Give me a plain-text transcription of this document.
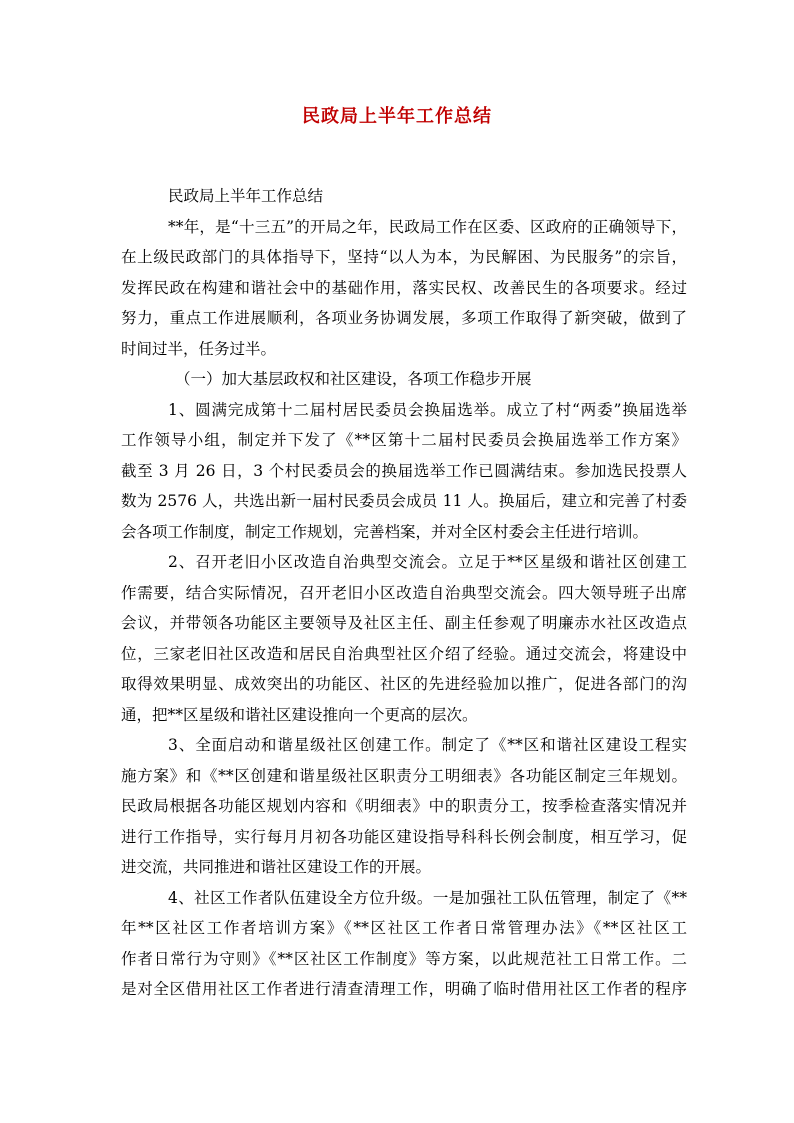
民政局上半年工作总结
民政局上半年工作总结
**年，是“十三五”的开局之年，民政局工作在区委、区政府的正确领导下，
在上级民政部门的具体指导下，坚持“以人为本，为民解困、为民服务”的宗旨，
发挥民政在构建和谐社会中的基础作用，落实民权、改善民生的各项要求。经过
努力，重点工作进展顺利，各项业务协调发展，多项工作取得了新突破，做到了
时间过半，任务过半。
（一）加大基层政权和社区建设，各项工作稳步开展
1、圆满完成第十二届村居民委员会换届选举。成立了村“两委”换届选举
工作领导小组，制定并下发了《**区第十二届村民委员会换届选举工作方案》
截至 3 月 26 日，3 个村民委员会的换届选举工作已圆满结束。参加选民投票人
数为 2576 人，共选出新一届村民委员会成员 11 人。换届后，建立和完善了村委
会各项工作制度，制定工作规划，完善档案，并对全区村委会主任进行培训。
2、召开老旧小区改造自治典型交流会。立足于**区星级和谐社区创建工
作需要，结合实际情况，召开老旧小区改造自治典型交流会。四大领导班子出席
会议，并带领各功能区主要领导及社区主任、副主任参观了明廉赤水社区改造点
位，三家老旧社区改造和居民自治典型社区介绍了经验。通过交流会，将建设中
取得效果明显、成效突出的功能区、社区的先进经验加以推广，促进各部门的沟
通，把**区星级和谐社区建设推向一个更高的层次。
3、全面启动和谐星级社区创建工作。制定了《**区和谐社区建设工程实
施方案》和《**区创建和谐星级社区职责分工明细表》各功能区制定三年规划。
民政局根据各功能区规划内容和《明细表》中的职责分工，按季检查落实情况并
进行工作指导，实行每月月初各功能区建设指导科科长例会制度，相互学习，促
进交流，共同推进和谐社区建设工作的开展。
4、社区工作者队伍建设全方位升级。一是加强社工队伍管理，制定了《**
年**区社区工作者培训方案》《**区社区工作者日常管理办法》《**区社区工
作者日常行为守则》《**区社区工作制度》等方案，以此规范社工日常工作。二
是对全区借用社区工作者进行清查清理工作，明确了临时借用社区工作者的程序
